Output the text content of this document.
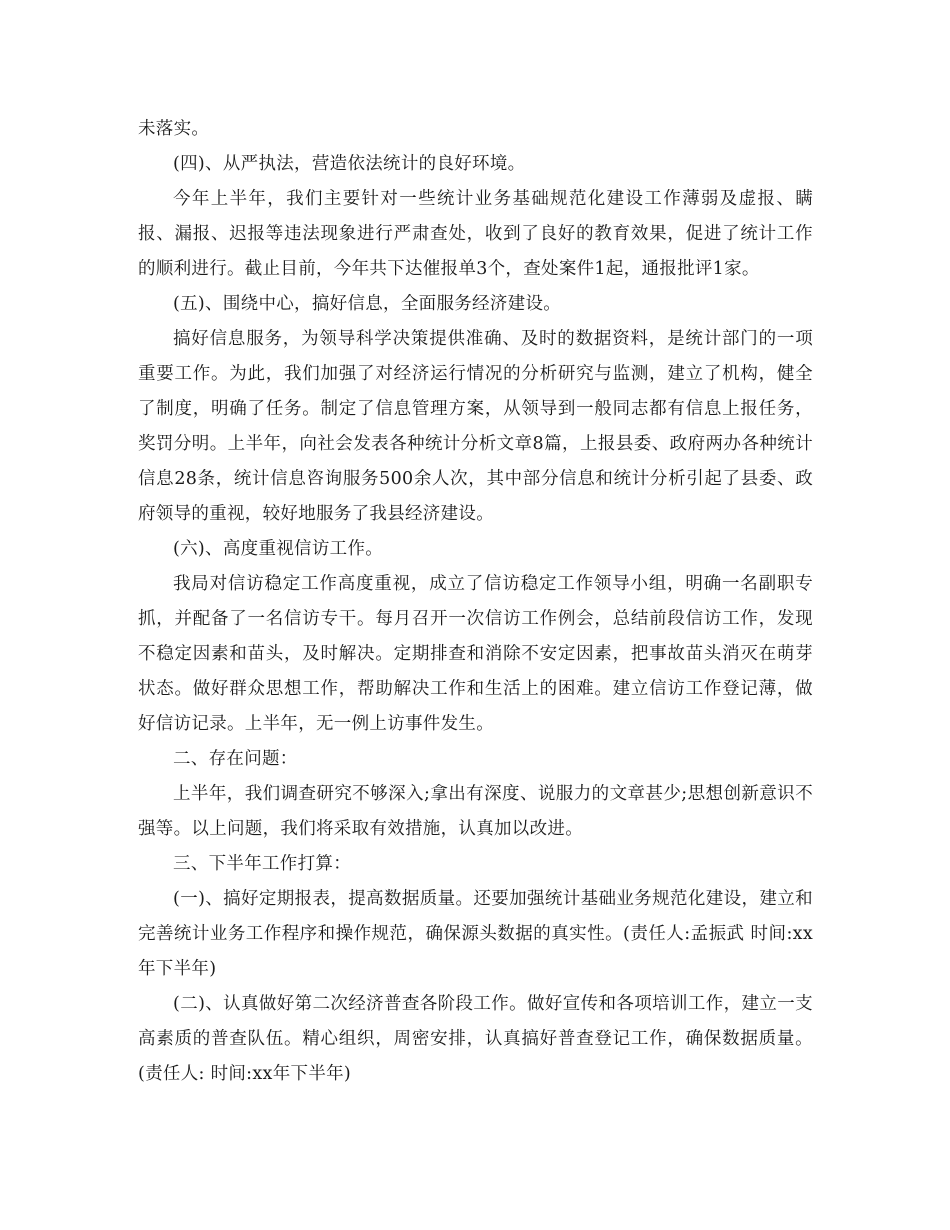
未落实。

(四)、从严执法，营造依法统计的良好环境。

今年上半年，我们主要针对一些统计业务基础规范化建设工作薄弱及虚报、瞒报、漏报、迟报等违法现象进行严肃查处，收到了良好的教育效果，促进了统计工作的顺利进行。截止目前，今年共下达催报单3个，查处案件1起，通报批评1家。

(五)、围绕中心，搞好信息，全面服务经济建设。

搞好信息服务，为领导科学决策提供准确、及时的数据资料，是统计部门的一项重要工作。为此，我们加强了对经济运行情况的分析研究与监测，建立了机构，健全了制度，明确了任务。制定了信息管理方案，从领导到一般同志都有信息上报任务，奖罚分明。上半年，向社会发表各种统计分析文章8篇，上报县委、政府两办各种统计信息28条，统计信息咨询服务500余人次，其中部分信息和统计分析引起了县委、政府领导的重视，较好地服务了我县经济建设。

(六)、高度重视信访工作。

我局对信访稳定工作高度重视，成立了信访稳定工作领导小组，明确一名副职专抓，并配备了一名信访专干。每月召开一次信访工作例会，总结前段信访工作，发现不稳定因素和苗头，及时解决。定期排查和消除不安定因素，把事故苗头消灭在萌芽状态。做好群众思想工作，帮助解决工作和生活上的困难。建立信访工作登记薄，做好信访记录。上半年，无一例上访事件发生。

二、存在问题：

上半年，我们调查研究不够深入;拿出有深度、说服力的文章甚少;思想创新意识不强等。以上问题，我们将采取有效措施，认真加以改进。

三、下半年工作打算：

(一)、搞好定期报表，提高数据质量。还要加强统计基础业务规范化建设，建立和完善统计业务工作程序和操作规范，确保源头数据的真实性。(责任人:孟振武 时间:xx年下半年)

(二)、认真做好第二次经济普查各阶段工作。做好宣传和各项培训工作，建立一支高素质的普查队伍。精心组织，周密安排，认真搞好普查登记工作，确保数据质量。(责任人: 时间:xx年下半年)
